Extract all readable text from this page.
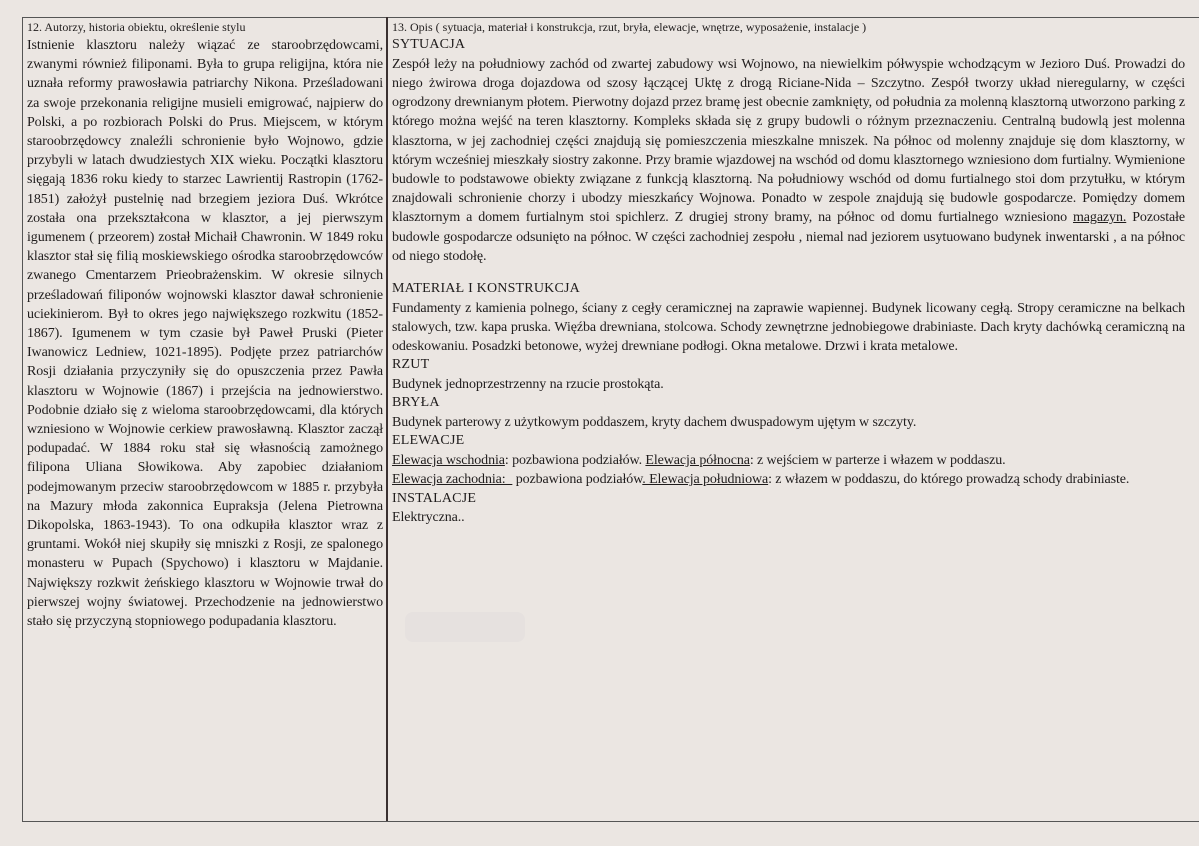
12. Autorzy, historia obiektu, określenie stylu

Istnienie klasztoru należy wiązać ze staroobrzędowcami, zwanymi również filiponami. Była to grupa religijna, która nie uznała reformy prawosławia patriarchy Nikona. Prześladowani za swoje przekonania religijne musieli emigrować, najpierw do Polski, a po rozbiorach Polski do Prus. Miejscem, w którym staroobrzędowcy znaleźli schronienie było Wojnowo, gdzie przybyli w latach dwudziestych XIX wieku. Początki klasztoru sięgają 1836 roku kiedy to starzec Lawrientij Rastropin (1762-1851) założył pustelnię nad brzegiem jeziora Duś. Wkrótce została ona przekształcona w klasztor, a jej pierwszym igumenem ( przeorem) został Michaił Chawronin. W 1849 roku klasztor stał się filią moskiewskiego ośrodka staroobrzędowców zwanego Cmentarzem Prieobrażenskim. W okresie silnych prześladowań filiponów wojnowski klasztor dawał schronienie uciekinierom. Był to okres jego największego rozkwitu (1852-1867). Igumenem w tym czasie był Paweł Pruski (Pieter Iwanowicz Ledniew, 1021-1895). Podjęte przez patriarchów Rosji działania przyczyniły się do opuszczenia przez Pawła klasztoru w Wojnowie (1867) i przejścia na jednowierstwo. Podobnie działo się z wieloma staroobrzędowcami, dla których wzniesiono w Wojnowie cerkiew prawosławną. Klasztor zaczął podupadać. W 1884 roku stał się własnością zamożnego filipona Uliana Słowikowa. Aby zapobiec działaniom podejmowanym przeciw staroobrzędowcom w 1885 r. przybyła na Mazury młoda zakonnica Eupraksja (Jelena Pietrowna Dikopolska, 1863-1943). To ona odkupiła klasztor wraz z gruntami. Wokół niej skupiły się mniszki z Rosji, ze spalonego monasteru w Pupach (Spychowo) i klasztoru w Majdanie. Największy rozkwit żeńskiego klasztoru w Wojnowie trwał do pierwszej wojny światowej. Przechodzenie na jednowierstwo stało się przyczyną stopniowego podupadania klasztoru.

13. Opis ( sytuacja, materiał i konstrukcja, rzut, bryła, elewacje, wnętrze, wyposażenie, instalacje )

SYTUACJA

Zespół leży na południowy zachód od zwartej zabudowy wsi Wojnowo, na niewielkim półwyspie wchodzącym w Jezioro Duś. Prowadzi do niego żwirowa droga dojazdowa od szosy łączącej Uktę z drogą Riciane-Nida – Szczytno. Zespół tworzy układ nieregularny, w części ogrodzony drewnianym płotem. Pierwotny dojazd przez bramę jest obecnie zamknięty, od południa za molenną klasztorną utworzono parking z którego można wejść na teren klasztorny. Kompleks składa się z grupy budowli o różnym przeznaczeniu. Centralną budowlą jest molenna klasztorna, w jej zachodniej części znajdują się pomieszczenia mieszkalne mniszek. Na północ od molenny znajduje się dom klasztorny, w którym wcześniej mieszkały siostry zakonne. Przy bramie wjazdowej na wschód od domu klasztornego wzniesiono dom furtialny. Wymienione budowle to podstawowe obiekty związane z funkcją klasztorną. Na południowy wschód od domu furtialnego stoi dom przytułku, w którym znajdowali schronienie chorzy i ubodzy mieszkańcy Wojnowa. Ponadto w zespole znajdują się budowle gospodarcze. Pomiędzy domem klasztornym a domem furtialnym stoi spichlerz. Z drugiej strony bramy, na północ od domu furtialnego wzniesiono magazyn. Pozostałe budowle gospodarcze odsunięto na północ. W części zachodniej zespołu , niemal nad jeziorem usytuowano budynek inwentarski , a na północ od niego stodołę.

MATERIAŁ I KONSTRUKCJA

Fundamenty z kamienia polnego, ściany z cegły ceramicznej na zaprawie wapiennej. Budynek licowany cegłą. Stropy ceramiczne na belkach stalowych, tzw. kapa pruska. Więźba drewniana, stolcowa. Schody zewnętrzne jednobiegowe drabiniaste. Dach kryty dachówką ceramiczną na odeskowaniu. Posadzki betonowe, wyżej drewniane podłogi. Okna metalowe. Drzwi i krata metalowe.

RZUT

Budynek jednoprzestrzenny na rzucie prostokąta.

BRYŁA

Budynek parterowy z użytkowym poddaszem, kryty dachem dwuspadowym ujętym w szczyty.

ELEWACJE

Elewacja wschodnia: pozbawiona podziałów. Elewacja północna: z wejściem w parterze i włazem w poddaszu.

Elewacja zachodnia:   pozbawiona podziałów. Elewacja południowa: z włazem w poddaszu, do którego prowadzą schody drabiniaste.

INSTALACJE

Elektryczna..
